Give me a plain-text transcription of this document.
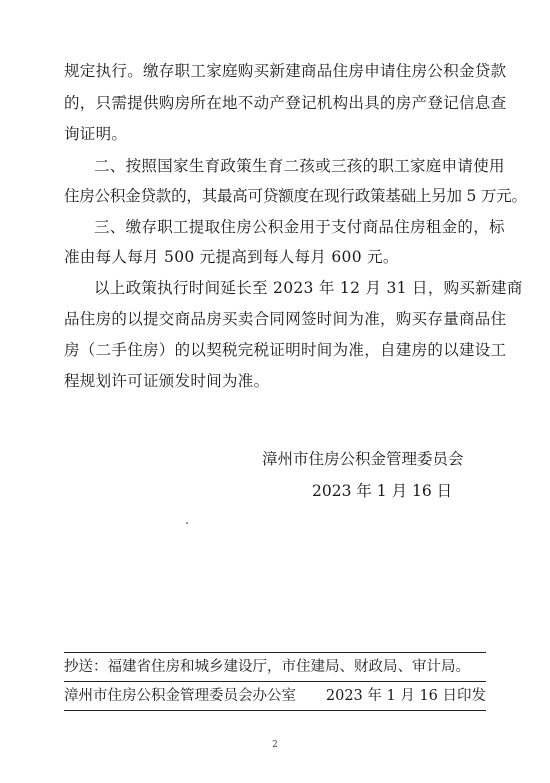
规定执行。缴存职工家庭购买新建商品住房申请住房公积金贷款
的，只需提供购房所在地不动产登记机构出具的房产登记信息查
询证明。
二、按照国家生育政策生育二孩或三孩的职工家庭申请使用
住房公积金贷款的，其最高可贷额度在现行政策基础上另加 5 万元。
三、缴存职工提取住房公积金用于支付商品住房租金的，标
准由每人每月 500 元提高到每人每月 600 元。
以上政策执行时间延长至 2023 年 12 月 31 日，购买新建商
品住房的以提交商品房买卖合同网签时间为准，购买存量商品住
房（二手住房）的以契税完税证明时间为准，自建房的以建设工
程规划许可证颁发时间为准。
漳州市住房公积金管理委员会
2023 年 1 月 16 日
抄送：福建省住房和城乡建设厅，市住建局、财政局、审计局。
漳州市住房公积金管理委员会办公室 2023 年 1 月 16 日印发
2
